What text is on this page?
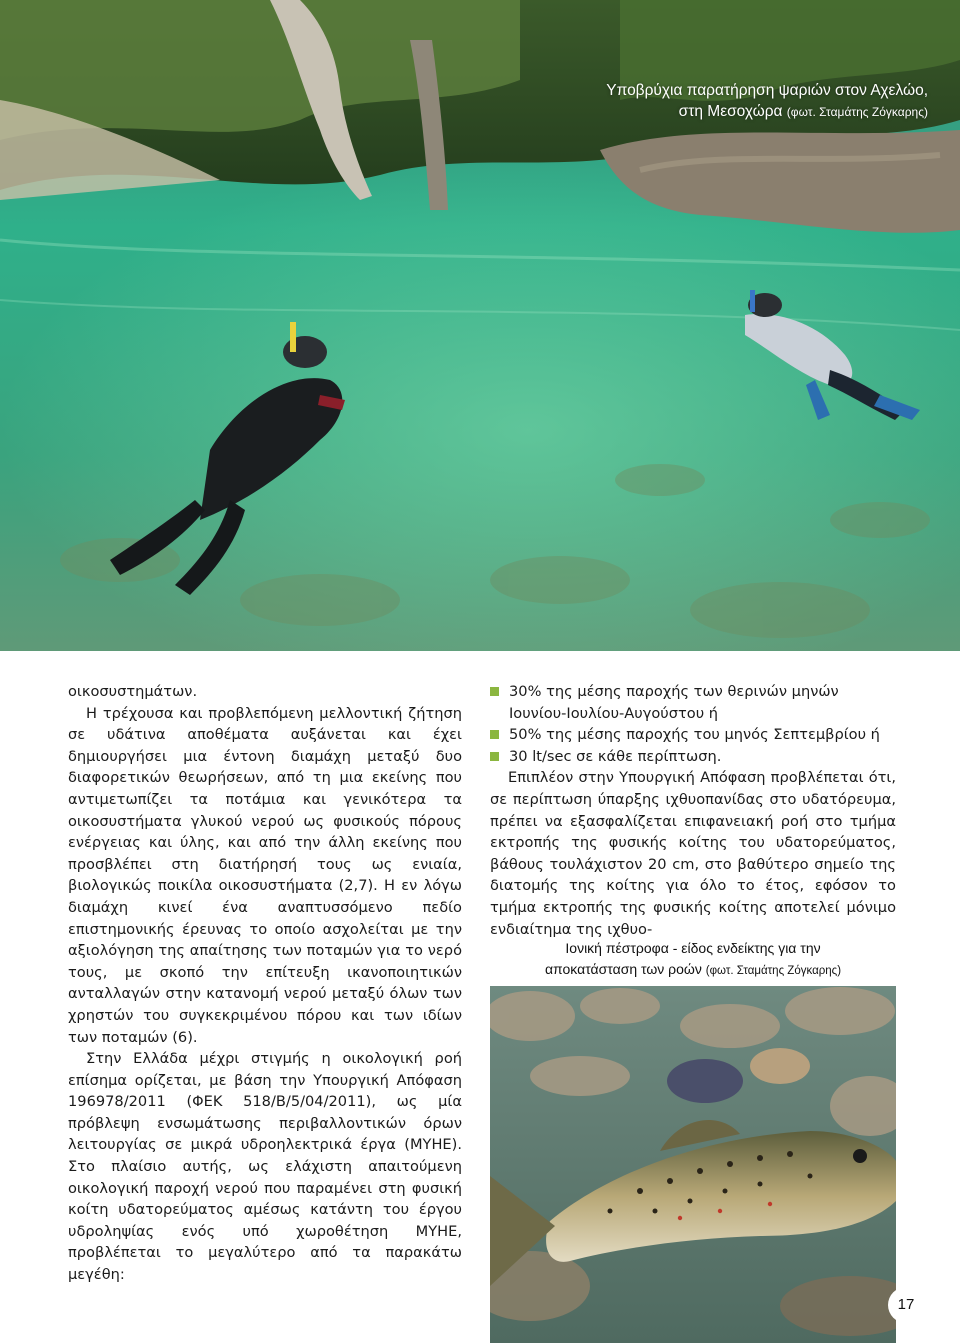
Υποβρύχια παρατήρηση ψαριών στον Αχελώο,
στη Μεσοχώρα (φωτ. Σταμάτης Ζόγκαρης)

οικοσυστημάτων.

Η τρέχουσα και προβλεπόμενη μελλοντική ζήτηση σε υδάτινα αποθέματα αυξάνεται και έχει δημιουργήσει μια έντονη διαμάχη μεταξύ δυο διαφορετικών θεωρήσεων, από τη μια εκείνης που αντιμετωπίζει τα ποτάμια και γενικότερα τα οικοσυστήματα γλυκού νερού ως φυσικούς πόρους ενέργειας και ύλης, και από την άλλη εκείνης που προσβλέπει στη διατήρησή τους ως ενιαία, βιολογικώς ποικίλα οικοσυστήματα (2,7). Η εν λόγω διαμάχη κινεί ένα αναπτυσσόμενο πεδίο επιστημονικής έρευνας το οποίο ασχολείται με την αξιολόγηση της απαίτησης των ποταμών για το νερό τους, με σκοπό την επίτευξη ικανοποιητικών ανταλλαγών στην κατανομή νερού μεταξύ όλων των χρηστών του συγκεκριμένου πόρου και των ιδίων των ποταμών (6).

Στην Ελλάδα μέχρι στιγμής η οικολογική ροή επίσημα ορίζεται, με βάση την Υπουργική Απόφαση 196978/2011 (ΦΕΚ 518/Β/5/04/2011), ως μία πρόβλεψη ενσωμάτωσης περιβαλλοντικών όρων λειτουργίας σε μικρά υδροηλεκτρικά έργα (ΜΥΗΕ). Στο πλαίσιο αυτής, ως ελάχιστη απαιτούμενη οικολογική παροχή νερού που παραμένει στη φυσική κοίτη υδατορεύματος αμέσως κατάντη του έργου υδροληψίας ενός υπό χωροθέτηση ΜΥΗΕ, προβλέπεται το μεγαλύτερο από τα παρακάτω μεγέθη:

30% της μέσης παροχής των θερινών μηνών Ιουνίου-Ιουλίου-Αυγούστου ή
50% της μέσης παροχής του μηνός Σεπτεμβρίου ή
30 lt/sec σε κάθε περίπτωση.

Επιπλέον στην Υπουργική Απόφαση προβλέπεται ότι, σε περίπτωση ύπαρξης ιχθυοπανίδας στο υδατόρευμα, πρέπει να εξασφαλίζεται επιφανειακή ροή στο τμήμα εκτροπής της φυσικής κοίτης του υδατορεύματος, βάθους τουλάχιστον 20 cm, στο βαθύτερο σημείο της διατομής της κοίτης για όλο το έτος, εφόσον το τμήμα εκτροπής της φυσικής κοίτης αποτελεί μόνιμο ενδιαίτημα της ιχθυο-

Ιονική πέστροφα - είδος ενδείκτης για την
αποκατάσταση των ροών (φωτ. Σταμάτης Ζόγκαρης)
17
